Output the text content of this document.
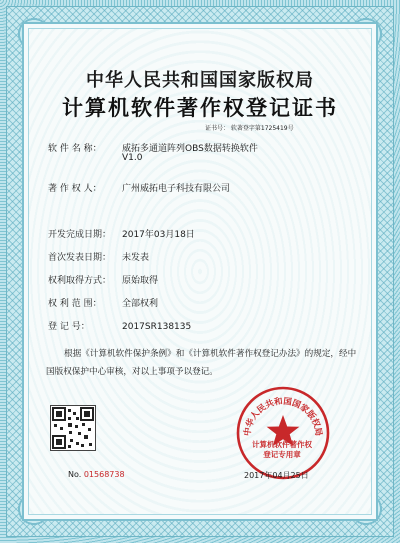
中华人民共和国国家版权局
计算机软件著作权登记证书
证书号： 软著登字第1725419号
软 件 名 称： 威拓多通道阵列OBS数据转换软件
V1.0
著 作 权 人： 广州威拓电子科技有限公司
开发完成日期： 2017年03月18日
首次发表日期： 未发表
权利取得方式： 原始取得
权 利 范 围： 全部权利
登 记 号：	2017SR138135
根据《计算机软件保护条例》和《计算机软件著作权登记办法》的规定，经中国版权保护中心审核，对以上事项予以登记。
No. 01568738
中华人民共和国国家版权局
计算机软件著作权
登记专用章
2017年04月25日
